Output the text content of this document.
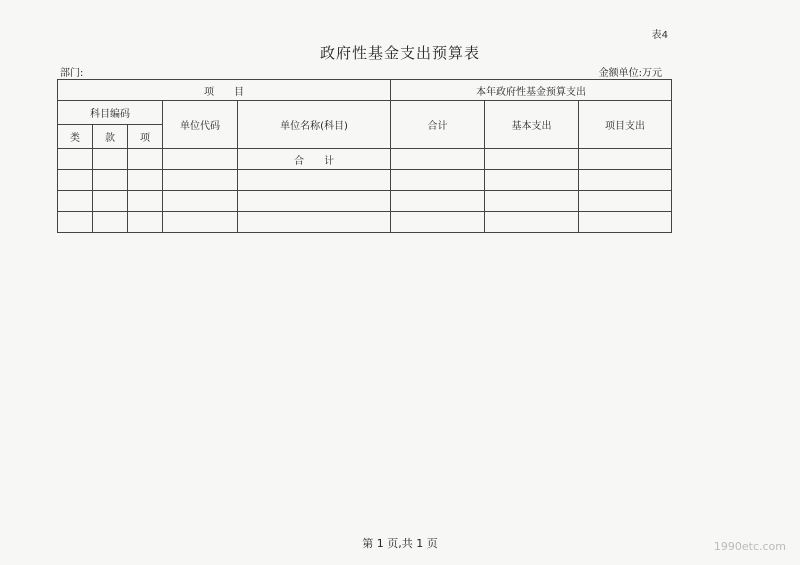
表4
政府性基金支出预算表
部门:	金额单位:万元
项　　目					本年政府性基金预算支出		
科目编码			单位代码	单位名称(科目)	合计	基本支出	项目支出
类	款	项					
				合　　计			

第 1 页,共 1 页	1990etc.com
